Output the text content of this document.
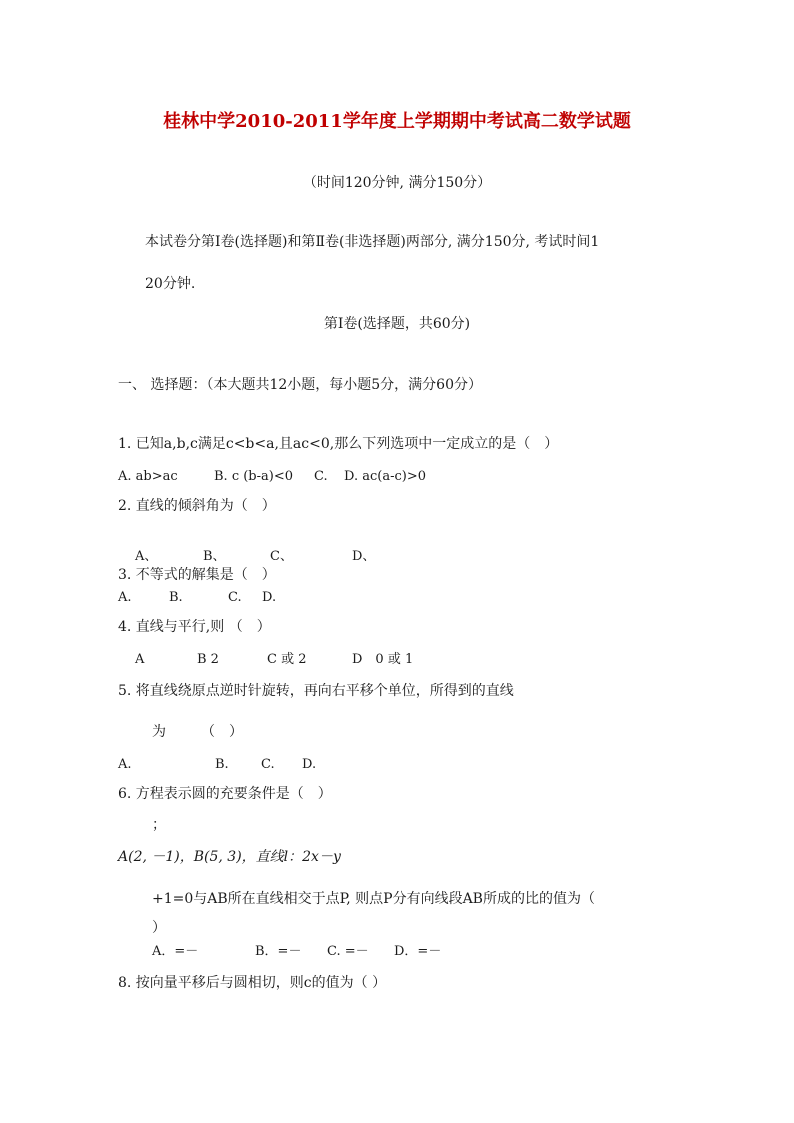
桂林中学2010-2011学年度上学期期中考试高二数学试题
（时间120分钟, 满分150分）
本试卷分第Ⅰ卷(选择题)和第Ⅱ卷(非选择题)两部分, 满分150分, 考试时间1
20分钟.
第Ⅰ卷(选择题，共60分)
一、 选择题：（本大题共12小题，每小题5分，满分60分）
1. 已知a,b,c满足c<b<a,且ac<0,那么下列选项中一定成立的是（　）
A. ab>ac	B. c (b-a)<0 C. D. ac(a-c)>0
2. 直线的倾斜角为（　）
A、	B、	C、	D、
3. 不等式的解集是（　）
A.	B.	C. D.
4. 直线与平行,则 （　）
A	B 2	C 或 2	D　0 或 1
5. 将直线绕原点逆时针旋转，再向右平移个单位，所得到的直线
为　　　（　）
A.	B. C. D.
6. 方程表示圆的充要条件是（　）
；
A(2, －1)，B(5, 3)，直线l：2x－y
+1=0与AB所在直线相交于点P, 则点P分有向线段AB所成的比的值为（
）
A．=－	B．=－ C. =－ D．=－
8. 按向量平移后与圆相切，则c的值为（ ）
